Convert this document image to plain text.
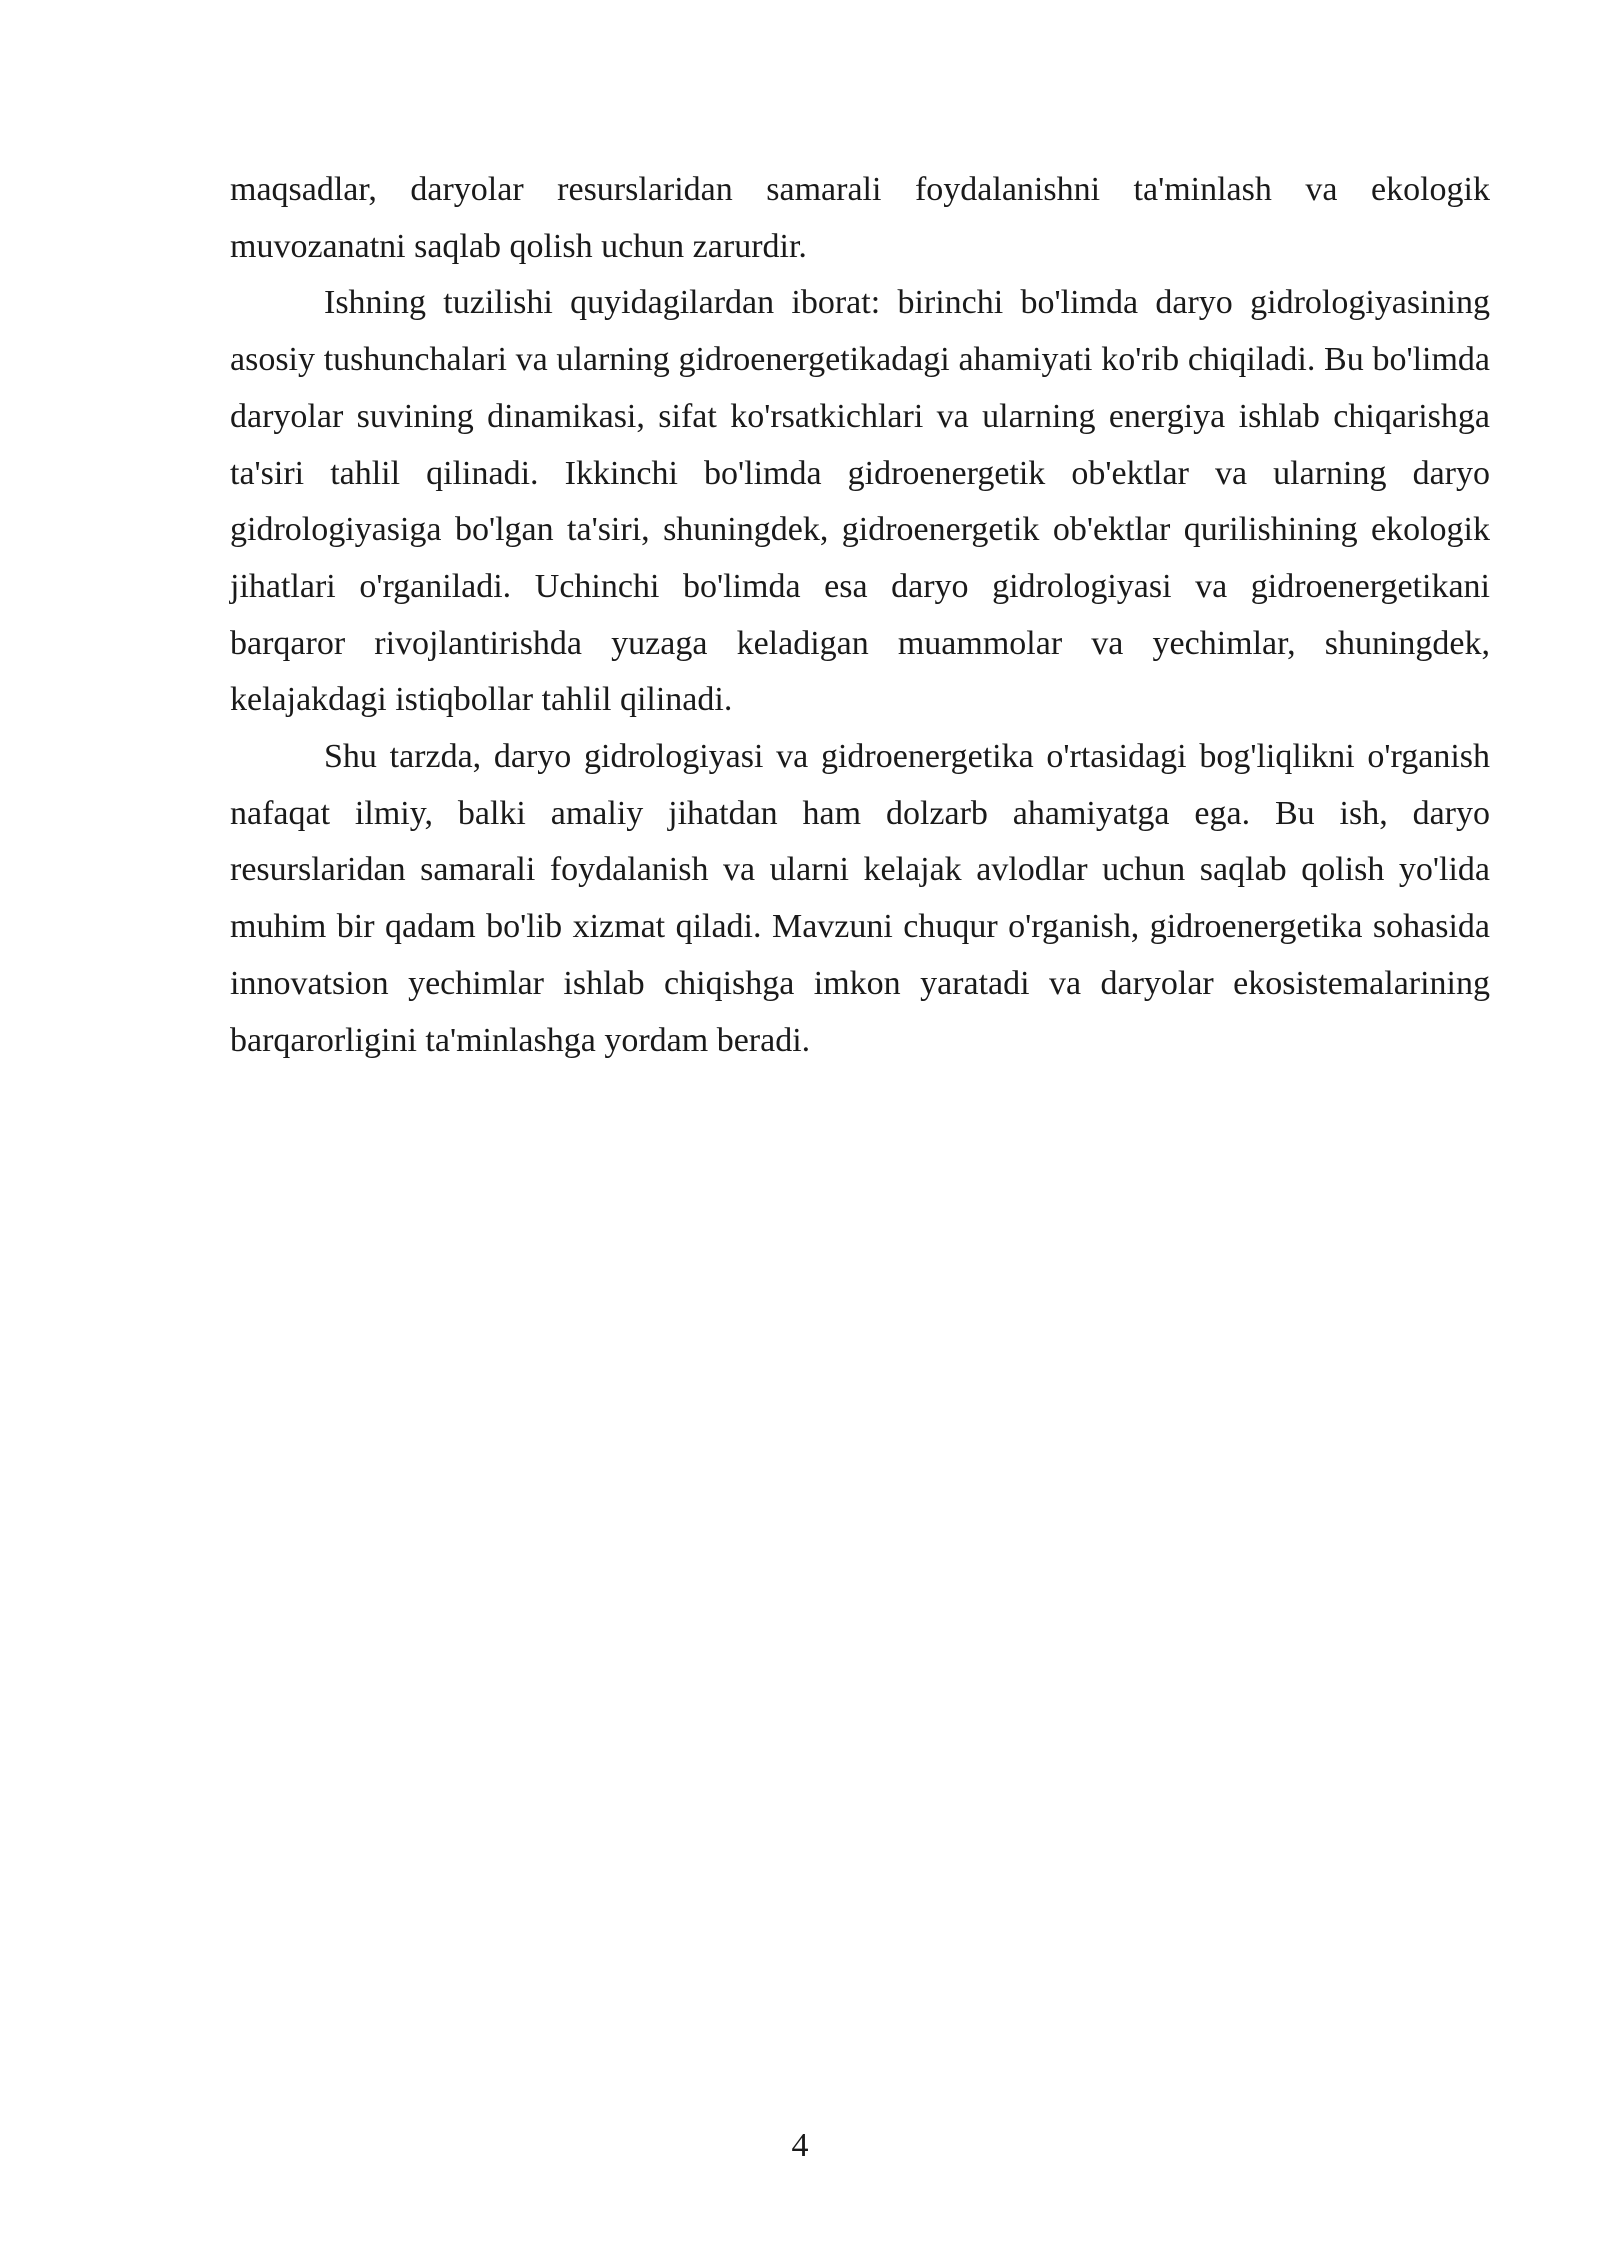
maqsadlar, daryolar resurslaridan samarali foydalanishni ta'minlash va ekologik muvozanatni saqlab qolish uchun zarurdir.

Ishning tuzilishi quyidagilardan iborat: birinchi bo'limda daryo gidrologiyasining asosiy tushunchalari va ularning gidroenergetikadagi ahamiyati ko'rib chiqiladi. Bu bo'limda daryolar suvining dinamikasi, sifat ko'rsatkichlari va ularning energiya ishlab chiqarishga ta'siri tahlil qilinadi. Ikkinchi bo'limda gidroenergetik ob'ektlar va ularning daryo gidrologiyasiga bo'lgan ta'siri, shuningdek, gidroenergetik ob'ektlar qurilishining ekologik jihatlari o'rganiladi. Uchinchi bo'limda esa daryo gidrologiyasi va gidroenergetikani barqaror rivojlantirishda yuzaga keladigan muammolar va yechimlar, shuningdek, kelajakdagi istiqbollar tahlil qilinadi.

Shu tarzda, daryo gidrologiyasi va gidroenergetika o'rtasidagi bog'liqlikni o'rganish nafaqat ilmiy, balki amaliy jihatdan ham dolzarb ahamiyatga ega. Bu ish, daryo resurslaridan samarali foydalanish va ularni kelajak avlodlar uchun saqlab qolish yo'lida muhim bir qadam bo'lib xizmat qiladi. Mavzuni chuqur o'rganish, gidroenergetika sohasida innovatsion yechimlar ishlab chiqishga imkon yaratadi va daryolar ekosistemalarining barqarorligini ta'minlashga yordam beradi.

4
